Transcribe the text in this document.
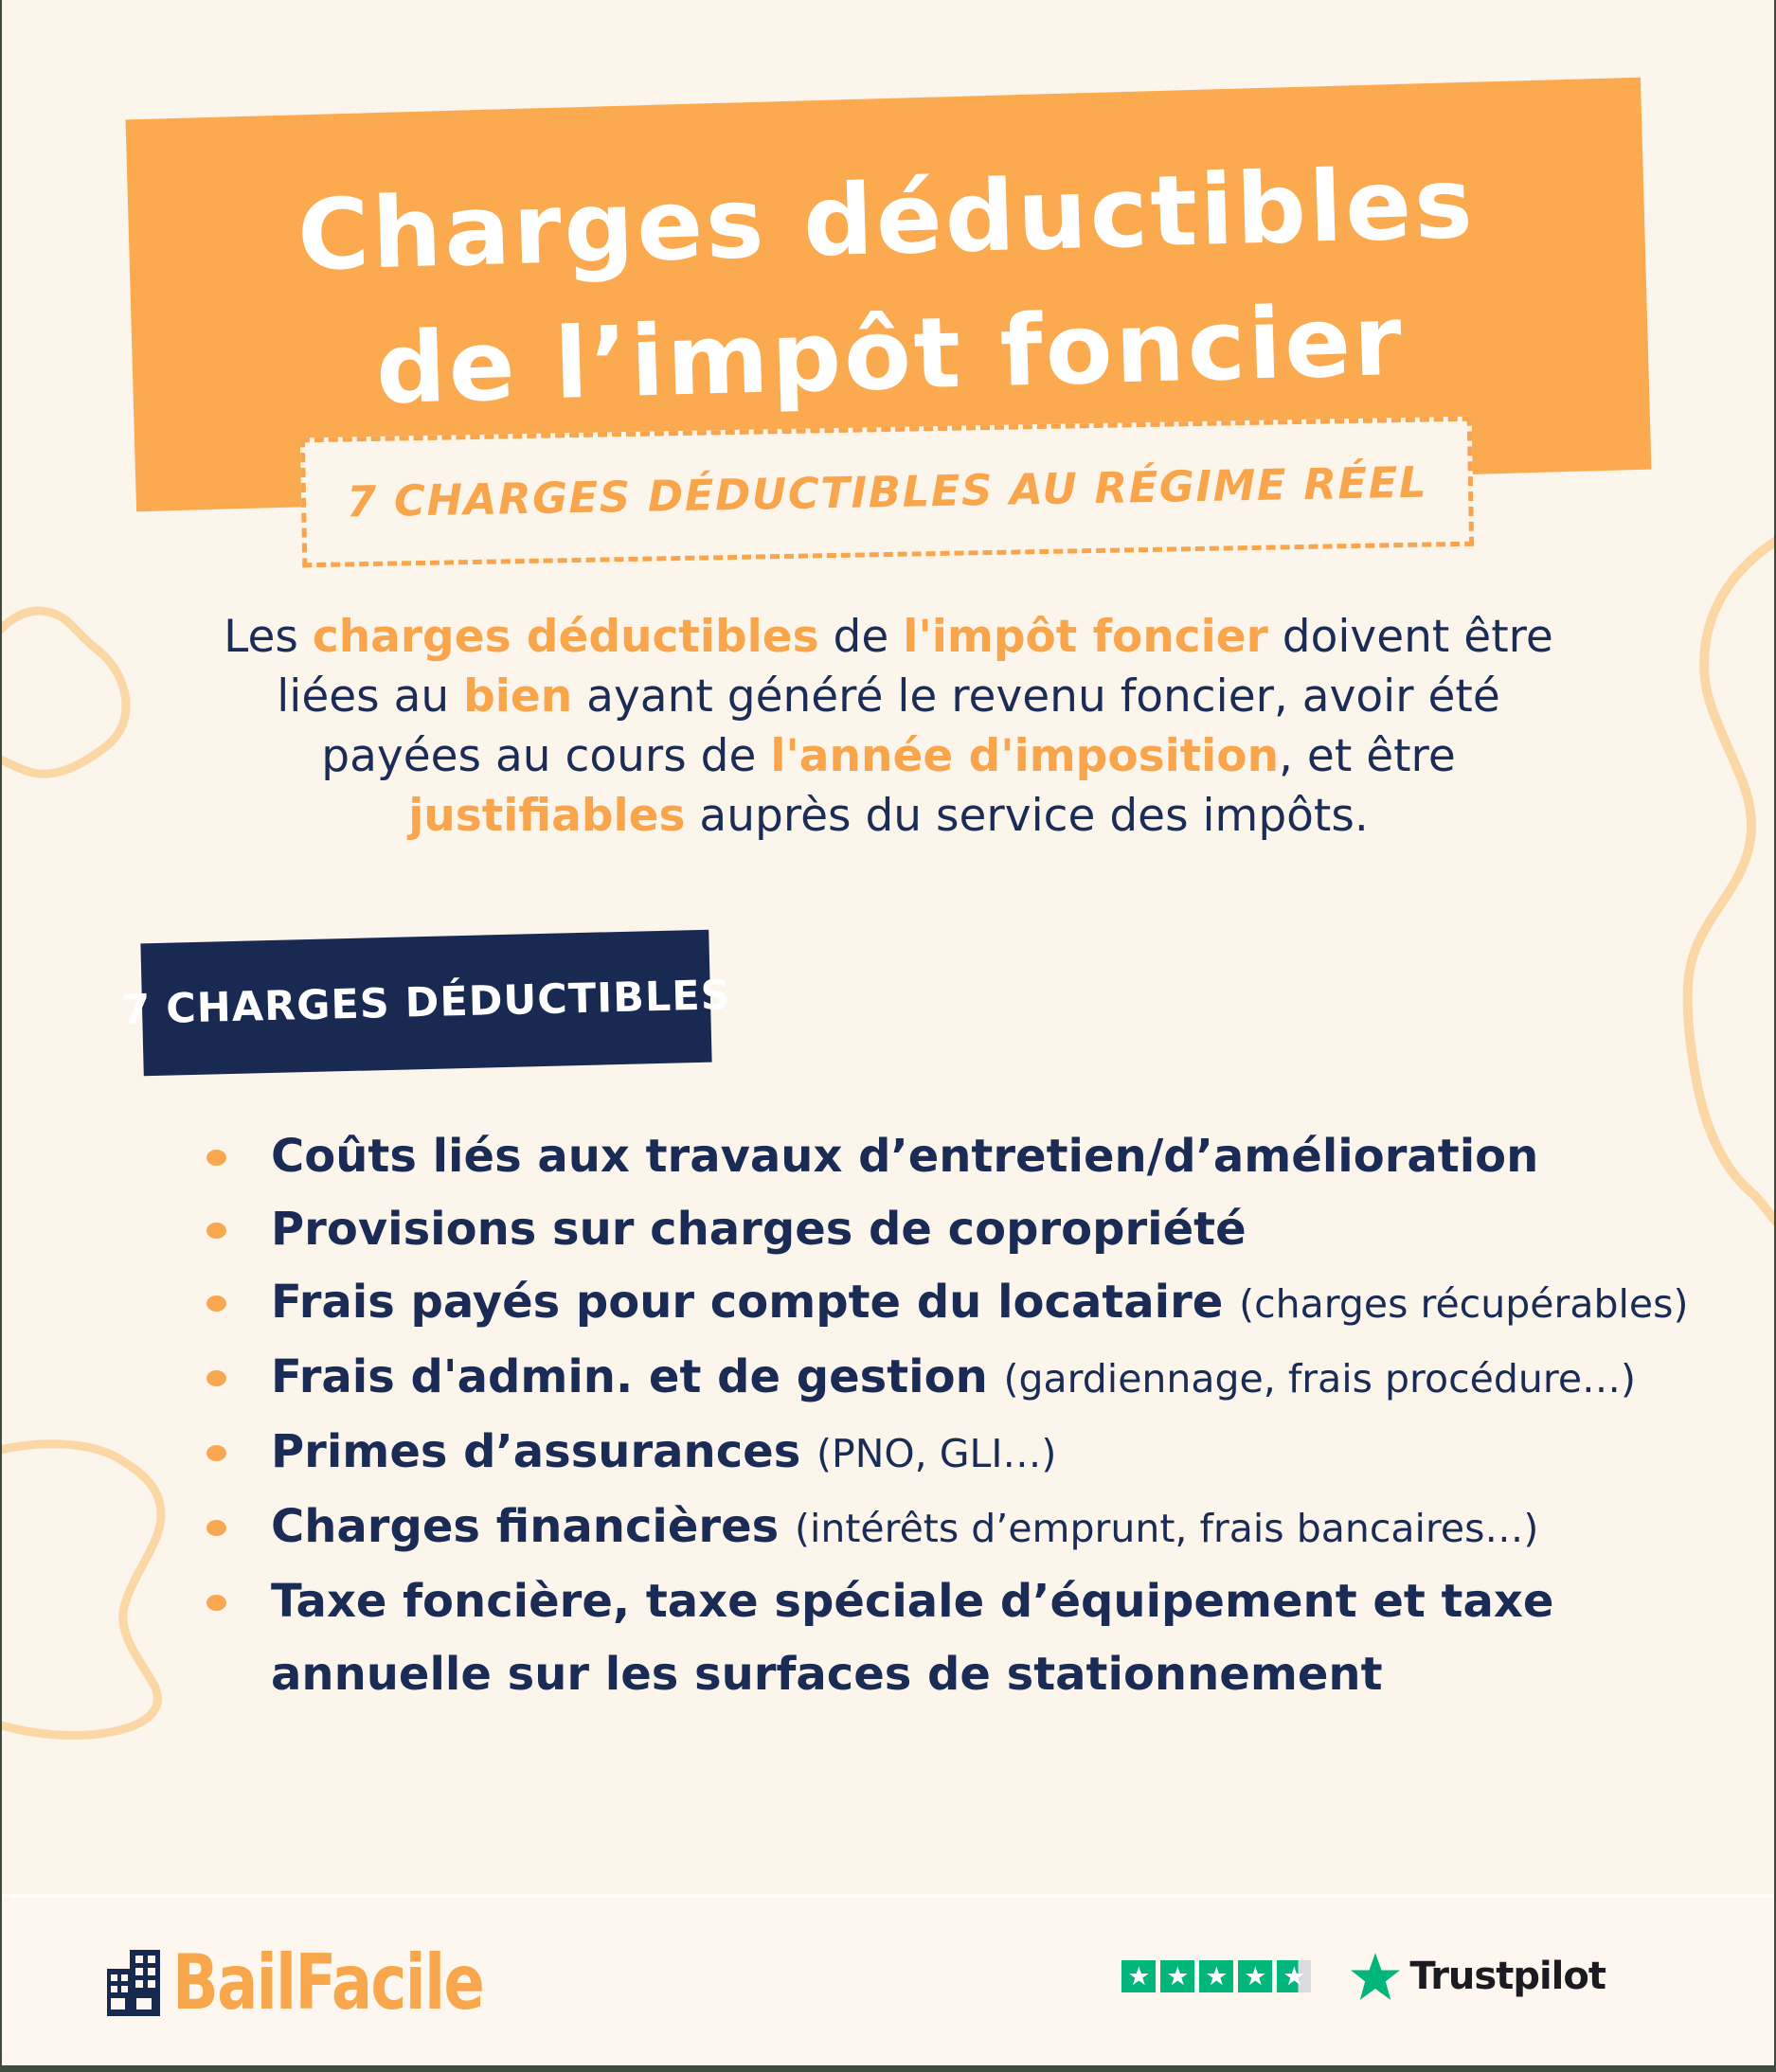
Charges déductibles
de l’impôt foncier
7 CHARGES DÉDUCTIBLES AU RÉGIME RÉEL
Les charges déductibles de l'impôt foncier doivent être
liées au bien ayant généré le revenu foncier, avoir été
payées au cours de l'année d'imposition, et être
justifiables auprès du service des impôts.
7 CHARGES DÉDUCTIBLES
Coûts liés aux travaux d’entretien/d’amélioration
Provisions sur charges de copropriété
Frais payés pour compte du locataire (charges récupérables)
Frais d'admin. et de gestion (gardiennage, frais procédure…)
Primes d’assurances (PNO, GLI…)
Charges financières (intérêts d’emprunt, frais bancaires…)
Taxe foncière, taxe spéciale d’équipement et taxe
annuelle sur les surfaces de stationnement
BailFacile	★ ★ ★ ★ ★	Trustpilot
